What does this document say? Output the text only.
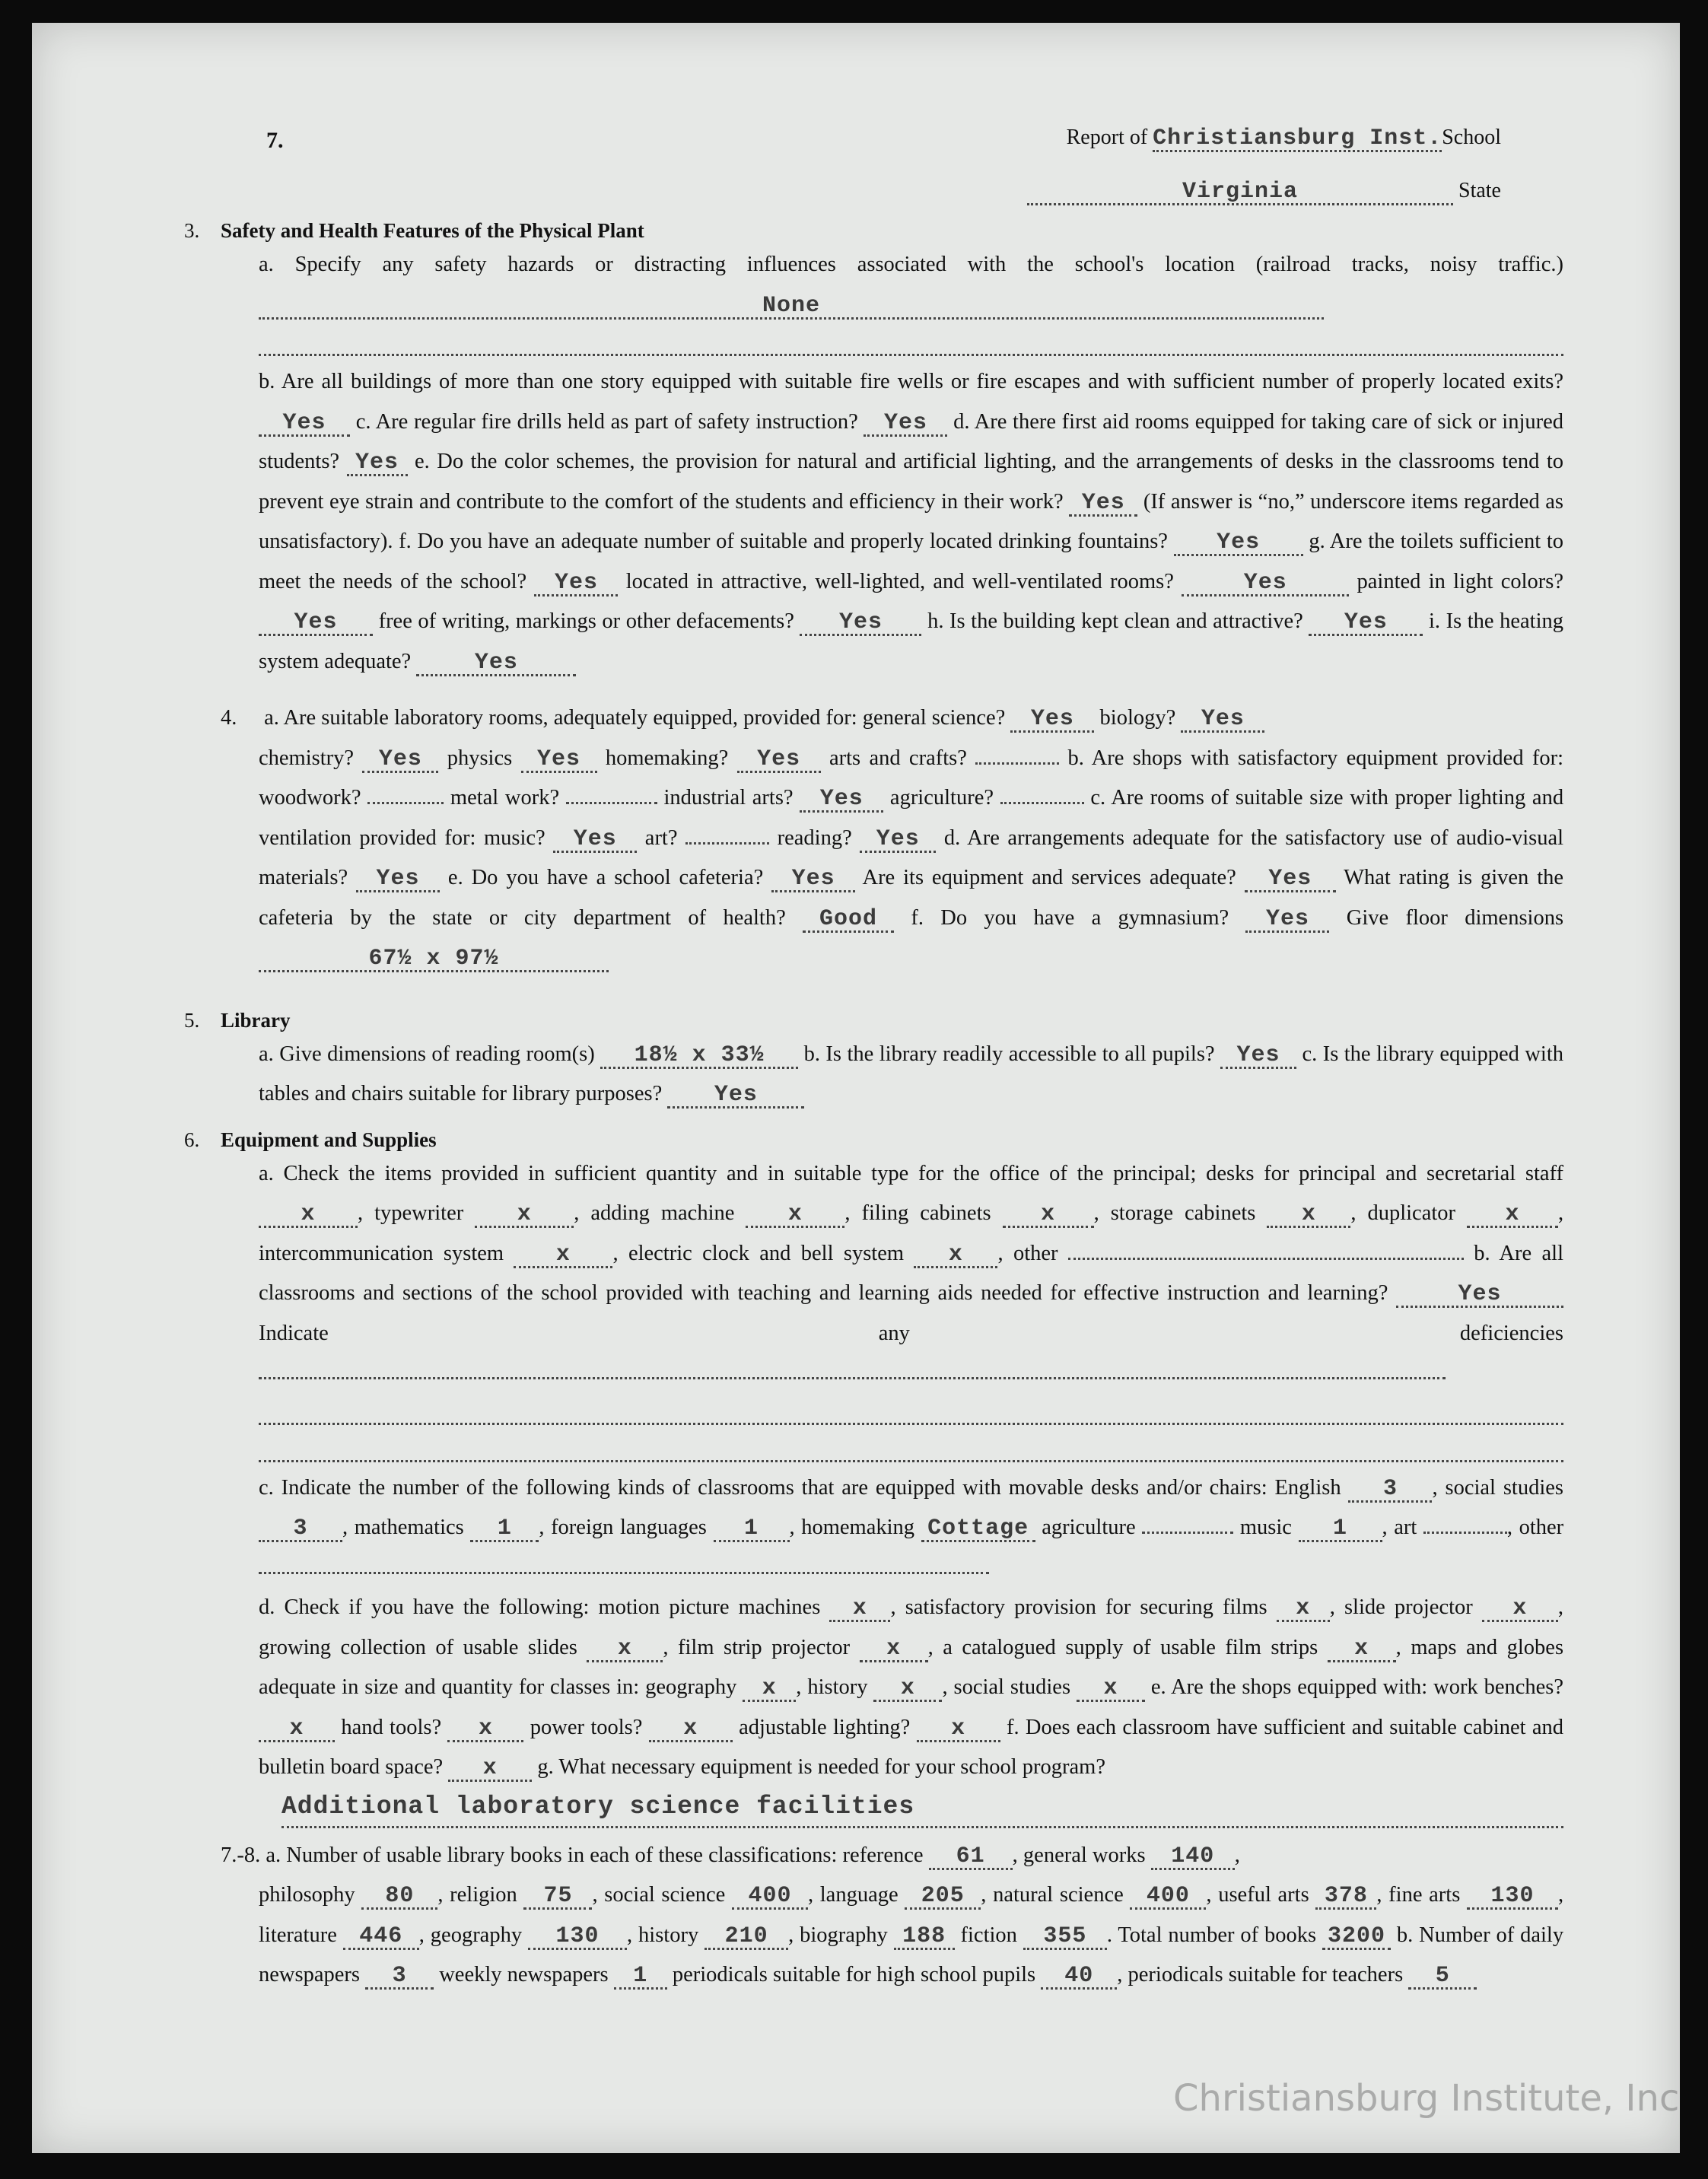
7.	Report of Christiansburg Inst.School
Virginia	State
3. Safety and Health Features of the Physical Plant
a. Specify any safety hazards or distracting influences associated with the school's location (railroad tracks, noisy traffic.) None
b. Are all buildings of more than one story equipped with suitable fire wells or fire escapes and with sufficient number of properly located exits? Yes c. Are regular fire drills held as part of safety instruction? Yes d. Are there first aid rooms equipped for taking care of sick or injured students? Yes e. Do the color schemes, the provision for natural and artificial lighting, and the arrangements of desks in the classrooms tend to prevent eye strain and contribute to the comfort of the students and efficiency in their work? Yes (If answer is “no,” underscore items regarded as unsatisfactory). f. Do you have an adequate number of suitable and properly located drinking fountains? Yes g. Are the toilets sufficient to meet the needs of the school? Yes located in attractive, well-lighted, and well-ventilated rooms?	Yes	painted in light colors? Yes free of writing, markings or other defacements? Yes h. Is the building kept clean and attractive? Yes i. Is the heating system adequate?	Yes
4. a. Are suitable laboratory rooms, adequately equipped, provided for: general science? Yes biology? Yes
chemistry? Yes physics Yes homemaking? Yes arts and crafts?	b. Are shops with satisfactory equipment provided for: woodwork?	metal work?	industrial arts? Yes agriculture?	c. Are rooms of suitable size with proper lighting and ventilation provided for: music? Yes art?	reading? Yes d. Are arrangements adequate for the satisfactory use of audio-visual materials? Yes e. Do you have a school cafeteria? Yes Are its equipment and services adequate? Yes What rating is given the cafeteria by the state or city department of health? Good f. Do you have a gymnasium? Yes Give floor dimensions 67½ x 97½
5. Library
a. Give dimensions of reading room(s) 18½ x 33½ b. Is the library readily accessible to all pupils? Yes c. Is the library equipped with tables and chairs suitable for library purposes? Yes
6. Equipment and Supplies
a. Check the items provided in sufficient quantity and in suitable type for the office of the principal; desks for principal and secretarial staff x , typewriter x , adding machine x , filing cabinets x , storage cabinets x , duplicator x , intercommunication system x , electric clock and bell system x , other	b. Are all classrooms and sections of the school provided with teaching and learning aids needed for effective instruction and learning?	Yes Indicate any deficiencies
c. Indicate the number of the following kinds of classrooms that are equipped with movable desks and/or chairs: English 3 , social studies 3 , mathematics 1 , foreign languages 1 , homemaking Cottage agriculture	music 1 , art	, other
d. Check if you have the following: motion picture machines x , satisfactory provision for securing films x , slide projector x , growing collection of usable slides x , film strip projector x , a catalogued supply of usable film strips x , maps and globes adequate in size and quantity for classes in: geography x , history x , social studies x e. Are the shops equipped with: work benches? x hand tools? x power tools? x adjustable lighting? x f. Does each classroom have sufficient and suitable cabinet and bulletin board space? x g. What necessary equipment is needed for your school program?
Additional laboratory science facilities
7.-8. a. Number of usable library books in each of these classifications: reference 61 , general works 140 ,
philosophy 80 , religion 75 , social science 400 , language 205 , natural science 400 , useful arts 378 , fine arts 130 , literature 446 , geography 130 , history 210 , biography 188 fiction 355 . Total number of books 3200 b. Number of daily newspapers 3 weekly newspapers 1 periodicals suitable for high school pupils 40 , periodicals suitable for teachers 5
Christiansburg Institute, Inc
